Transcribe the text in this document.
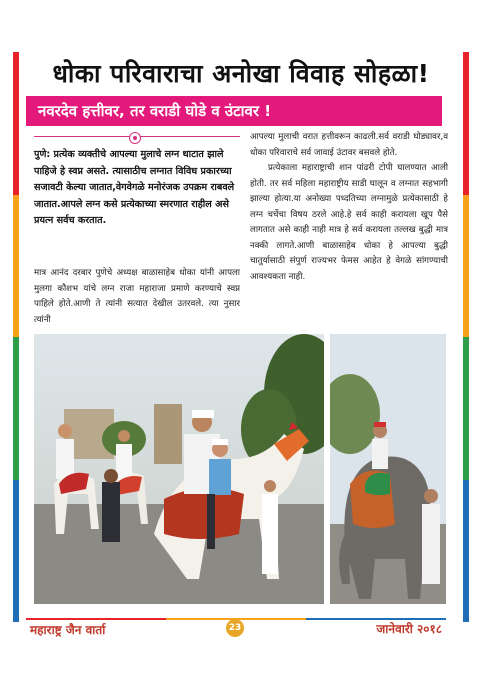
धोका परिवाराचा अनोखा विवाह सोहळा!
नवरदेव हत्तीवर, तर वराडी घोडे व उंटावर !
पुणे: प्रत्येक व्यक्तीचे आपल्या मुलाचे लग्न थाटात झाले पाहिजे हे स्वप्न असते. त्यासाठीच लग्नात विविध प्रकारच्या सजावटी केल्या जातात,वेगवेगळे मनोरंजक उपक्रम राबवले जातात.आपले लग्न कसे प्रत्येकाच्या स्मरणात राहील असे प्रयत्न सर्वच करतात.
मात्र आनंद दरबार पुणेचे अध्यक्ष बाळासाहेब धोका यांनी आपला मुलगा कौशभ यांचे लग्न राजा महाराजा प्रमाणे करण्याचे स्वप्न पाहिले होते.आणी ते त्यांनी सत्यात देखील उतरवले. त्या नुसार त्यांनी
आपल्या मुलाची वरात हत्तीवरून काढली.सर्व वराडी घोड्यावर,व धोका परिवाराचे सर्व जावाई उंटावर बसवले होते.
प्रत्येकाला महाराष्ट्राची शान पांढरी टोपी घालण्यात आली होती. तर सर्व महिला महाराष्ट्रीय साडी घालून व लग्नात सहभागी झाल्या होत्या.या अनोख्या पध्दतिच्या लग्नामुळे प्रत्येकासाठी हे लग्न चर्चेचा विषय ठरले आहे.हे सर्व काही करायला खूप पैसे लागतात असे काही नाही मात्र हे सर्व करायला तल्लख बुद्धी मात्र नक्की लागते.आणी बाळासाहेब धोका हे आपल्या बुद्धी चातुर्यासाठी संपुर्ण राज्यभर फेमस आहेत हे वेगळे सांगण्याची आवश्यकता नाही.
महाराष्ट्र जैन वार्ता	23	जानेवारी २०१८
